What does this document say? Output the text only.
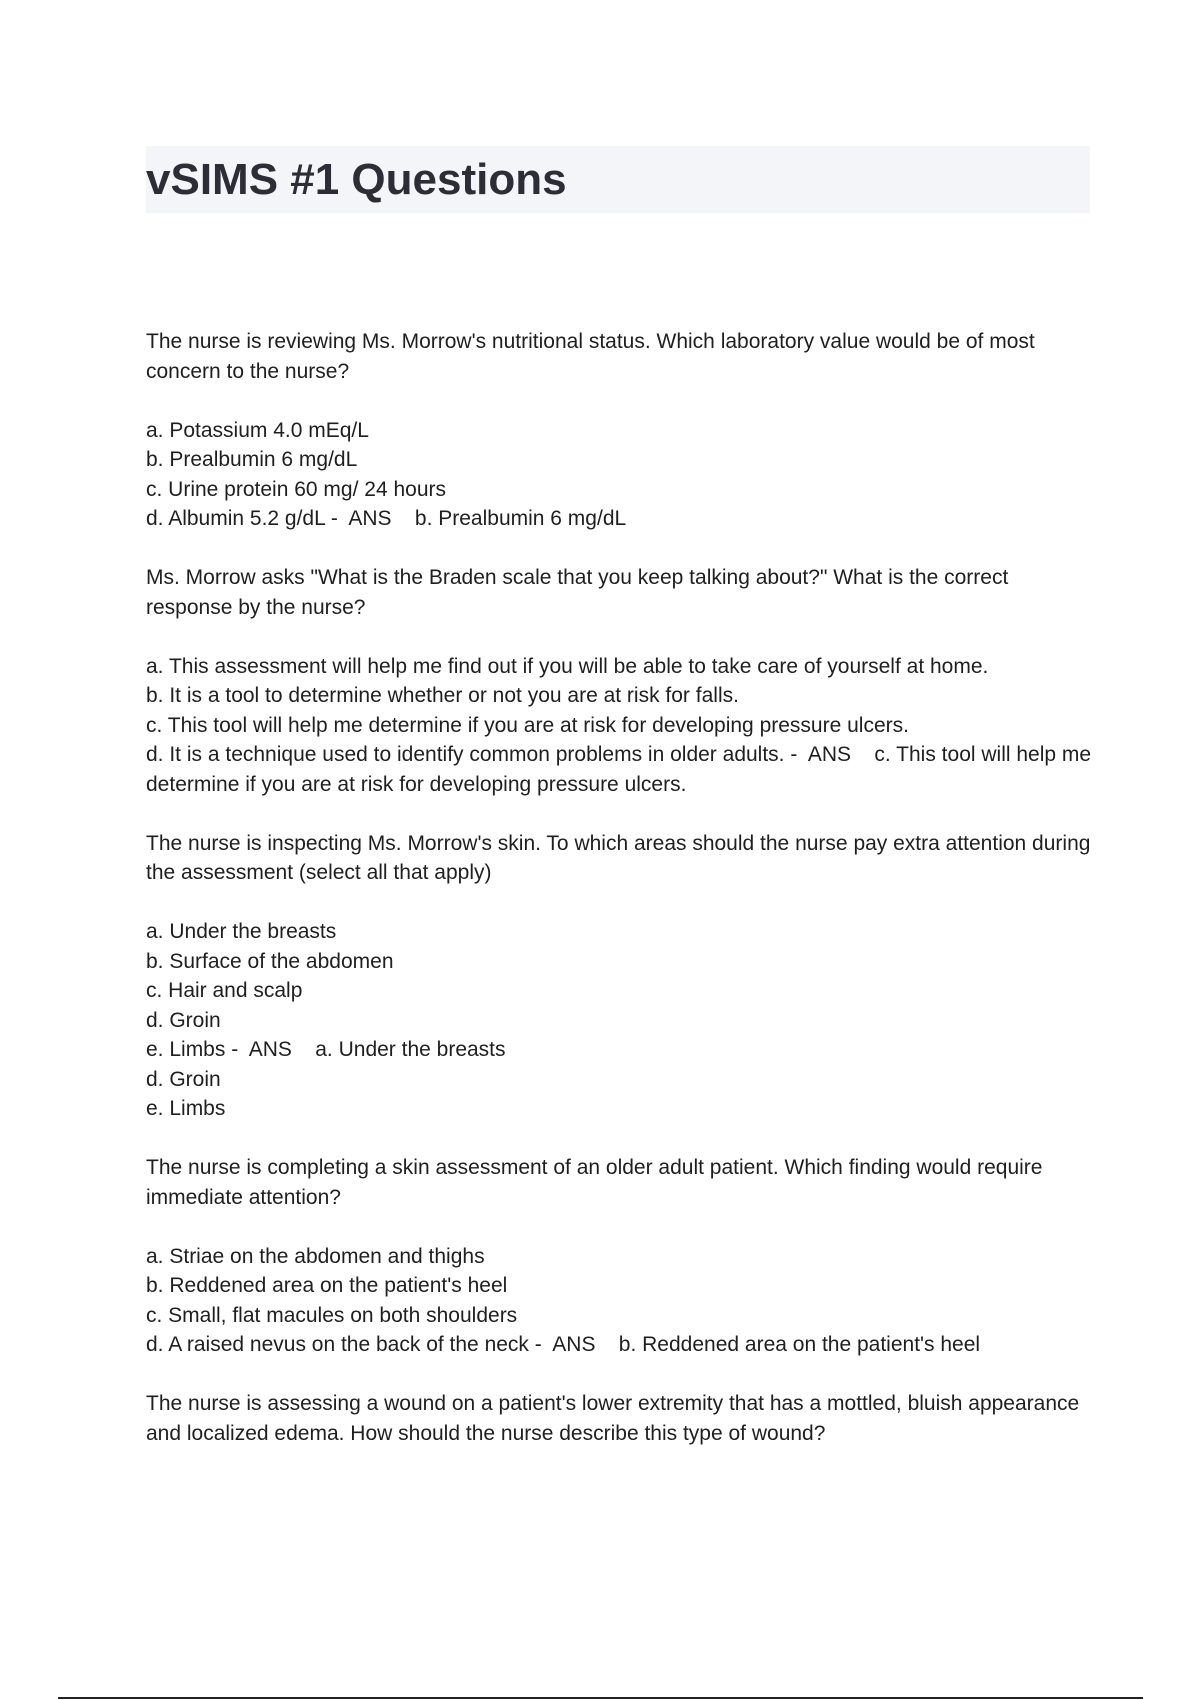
vSIMS #1 Questions

The nurse is reviewing Ms. Morrow's nutritional status. Which laboratory value would be of most concern to the nurse?

a. Potassium 4.0 mEq/L
b. Prealbumin 6 mg/dL
c. Urine protein 60 mg/ 24 hours
d. Albumin 5.2 g/dL -  ANS b. Prealbumin 6 mg/dL

Ms. Morrow asks "What is the Braden scale that you keep talking about?" What is the correct response by the nurse?

a. This assessment will help me find out if you will be able to take care of yourself at home.
b. It is a tool to determine whether or not you are at risk for falls.
c. This tool will help me determine if you are at risk for developing pressure ulcers.
d. It is a technique used to identify common problems in older adults. -  ANS c. This tool will help me determine if you are at risk for developing pressure ulcers.

The nurse is inspecting Ms. Morrow's skin. To which areas should the nurse pay extra attention during the assessment (select all that apply)

a. Under the breasts
b. Surface of the abdomen
c. Hair and scalp
d. Groin
e. Limbs -  ANS a. Under the breasts
d. Groin
e. Limbs

The nurse is completing a skin assessment of an older adult patient. Which finding would require immediate attention?

a. Striae on the abdomen and thighs
b. Reddened area on the patient's heel
c. Small, flat macules on both shoulders
d. A raised nevus on the back of the neck -  ANS b. Reddened area on the patient's heel

The nurse is assessing a wound on a patient's lower extremity that has a mottled, bluish appearance and localized edema. How should the nurse describe this type of wound?
